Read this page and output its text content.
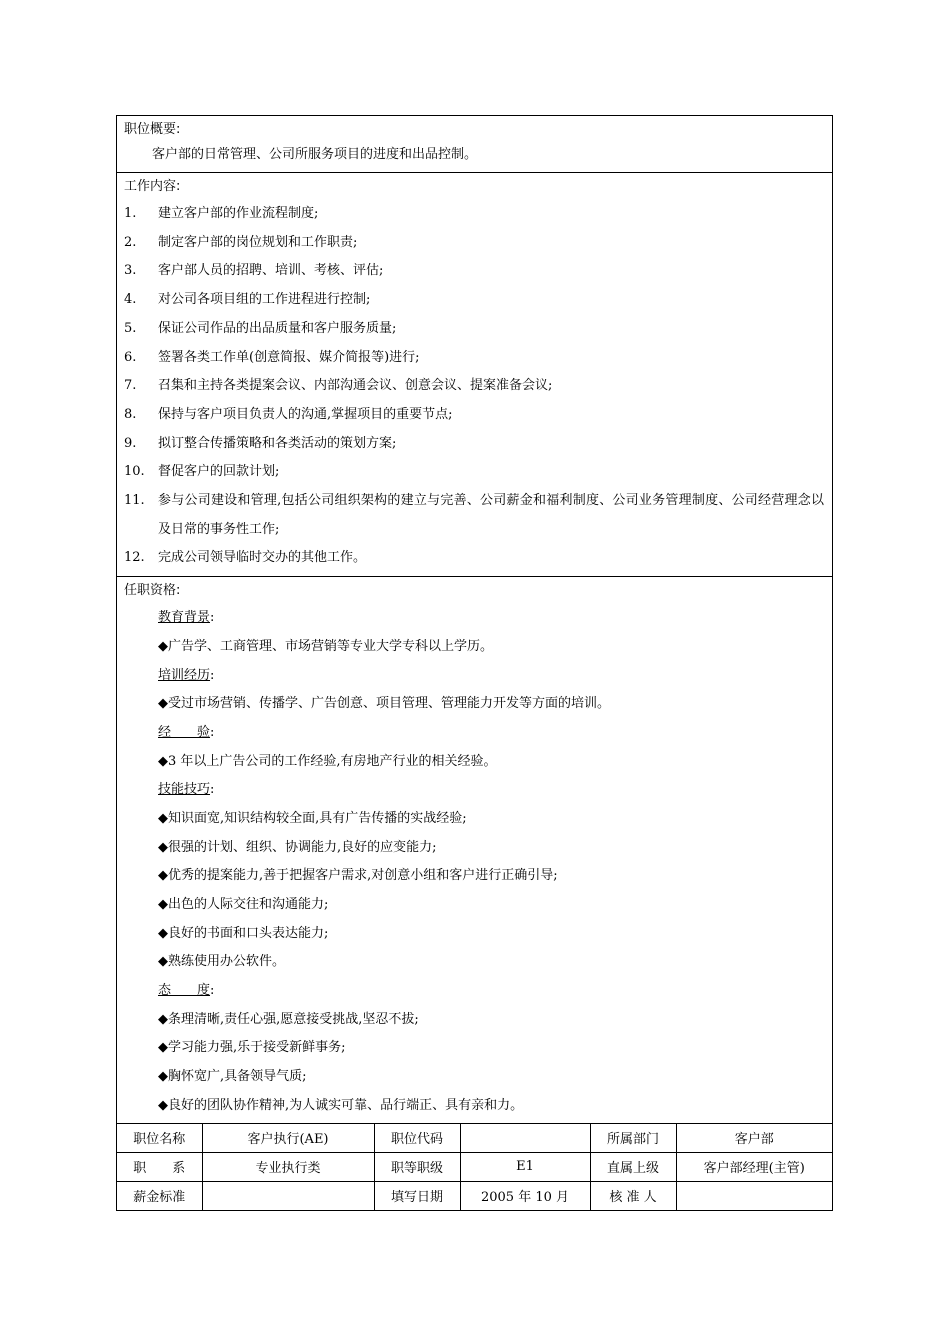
职位概要:
客户部的日常管理、公司所服务项目的进度和出品控制。
工作内容:
1.	建立客户部的作业流程制度;
2.	制定客户部的岗位规划和工作职责;
3.	客户部人员的招聘、培训、考核、评估;
4.	对公司各项目组的工作进程进行控制;
5.	保证公司作品的出品质量和客户服务质量;
6.	签署各类工作单(创意简报、媒介简报等)进行;
7.	召集和主持各类提案会议、内部沟通会议、创意会议、提案准备会议;
8.	保持与客户项目负责人的沟通,掌握项目的重要节点;
9.	拟订整合传播策略和各类活动的策划方案;
10.	督促客户的回款计划;
11.	参与公司建设和管理,包括公司组织架构的建立与完善、公司薪金和福利制度、公司业务管理制度、公司经营理念以及日常的事务性工作;
12.	完成公司领导临时交办的其他工作。
任职资格:
教育背景:
◆广告学、工商管理、市场营销等专业大学专科以上学历。
培训经历:
◆受过市场营销、传播学、广告创意、项目管理、管理能力开发等方面的培训。
经　　验:
◆3 年以上广告公司的工作经验,有房地产行业的相关经验。
技能技巧:
◆知识面宽,知识结构较全面,具有广告传播的实战经验;
◆很强的计划、组织、协调能力,良好的应变能力;
◆优秀的提案能力,善于把握客户需求,对创意小组和客户进行正确引导;
◆出色的人际交往和沟通能力;
◆良好的书面和口头表达能力;
◆熟练使用办公软件。
态　　度:
◆条理清晰,责任心强,愿意接受挑战,坚忍不拔;
◆学习能力强,乐于接受新鲜事务;
◆胸怀宽广,具备领导气质;
◆良好的团队协作精神,为人诚实可靠、品行端正、具有亲和力。
职位名称	客户执行(AE)	职位代码		所属部门	客户部
职　　系	专业执行类	职等职级	E1	直属上级	客户部经理(主管)
薪金标准		填写日期	2005 年 10 月	核 准 人	
